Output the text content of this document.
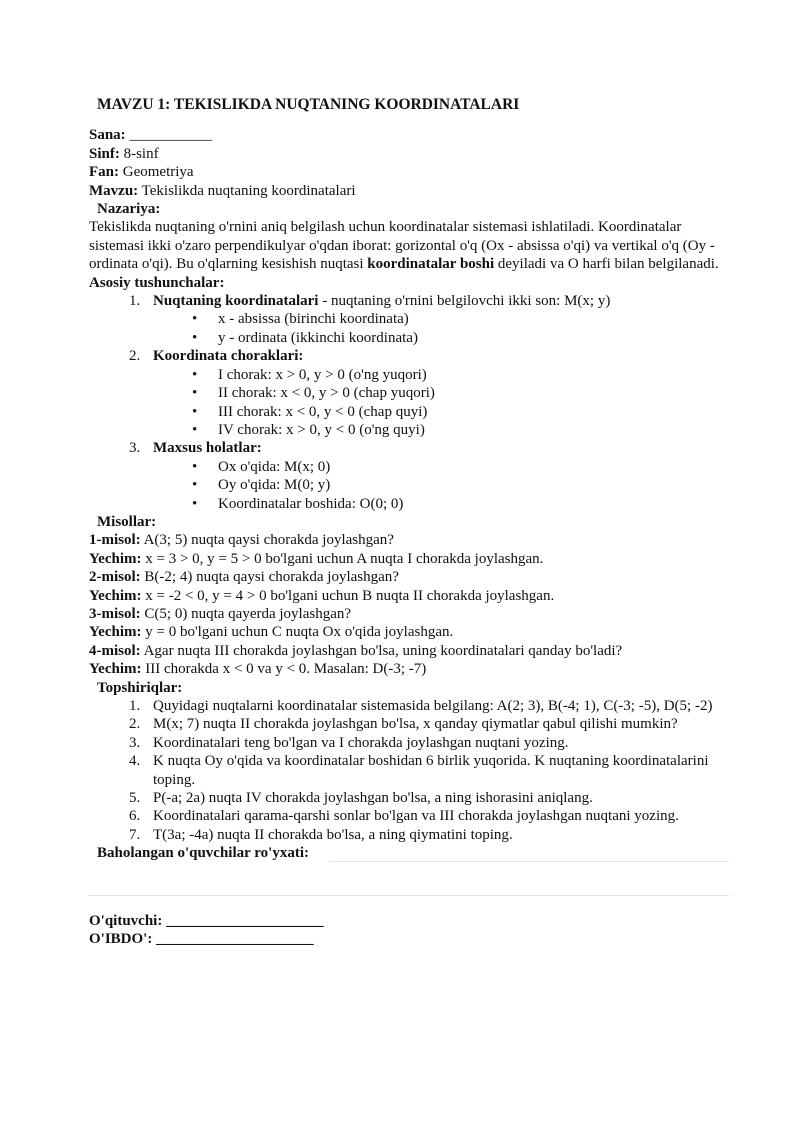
MAVZU 1: TEKISLIKDA NUQTANING KOORDINATALARI
Sana: ___________
Sinf: 8-sinf
Fan: Geometriya
Mavzu: Tekislikda nuqtaning koordinatalari
Nazariya:
Tekislikda nuqtaning o'rnini aniq belgilash uchun koordinatalar sistemasi ishlatiladi. Koordinatalar sistemasi ikki o'zaro perpendikulyar o'qdan iborat: gorizontal o'q (Ox - absissa o'qi) va vertikal o'q (Oy - ordinata o'qi). Bu o'qlarning kesishish nuqtasi koordinatalar boshi deyiladi va O harfi bilan belgilanadi.
Asosiy tushunchalar:
1. Nuqtaning koordinatalari - nuqtaning o'rnini belgilovchi ikki son: M(x; y)
• x - absissa (birinchi koordinata)
• y - ordinata (ikkinchi koordinata)
2. Koordinata choraklari:
• I chorak: x > 0, y > 0 (o'ng yuqori)
• II chorak: x < 0, y > 0 (chap yuqori)
• III chorak: x < 0, y < 0 (chap quyi)
• IV chorak: x > 0, y < 0 (o'ng quyi)
3. Maxsus holatlar:
• Ox o'qida: M(x; 0)
• Oy o'qida: M(0; y)
• Koordinatalar boshida: O(0; 0)
Misollar:
1-misol: A(3; 5) nuqta qaysi chorakda joylashgan?
Yechim: x = 3 > 0, y = 5 > 0 bo'lgani uchun A nuqta I chorakda joylashgan.
2-misol: B(-2; 4) nuqta qaysi chorakda joylashgan?
Yechim: x = -2 < 0, y = 4 > 0 bo'lgani uchun B nuqta II chorakda joylashgan.
3-misol: C(5; 0) nuqta qayerda joylashgan?
Yechim: y = 0 bo'lgani uchun C nuqta Ox o'qida joylashgan.
4-misol: Agar nuqta III chorakda joylashgan bo'lsa, uning koordinatalari qanday bo'ladi?
Yechim: III chorakda x < 0 va y < 0. Masalan: D(-3; -7)
Topshiriqlar:
1. Quyidagi nuqtalarni koordinatalar sistemasida belgilang: A(2; 3), B(-4; 1), C(-3; -5), D(5; -2)
2. M(x; 7) nuqta II chorakda joylashgan bo'lsa, x qanday qiymatlar qabul qilishi mumkin?
3. Koordinatalari teng bo'lgan va I chorakda joylashgan nuqtani yozing.
4. K nuqta Oy o'qida va koordinatalar boshidan 6 birlik yuqorida. K nuqtaning koordinatalarini toping.
5. P(-a; 2a) nuqta IV chorakda joylashgan bo'lsa, a ning ishorasini aniqlang.
6. Koordinatalari qarama-qarshi sonlar bo'lgan va III chorakda joylashgan nuqtani yozing.
7. T(3a; -4a) nuqta II chorakda bo'lsa, a ning qiymatini toping.
Baholangan o'quvchilar ro'yxati:
O'qituvchi: _____________________
O'IBDO': _____________________
